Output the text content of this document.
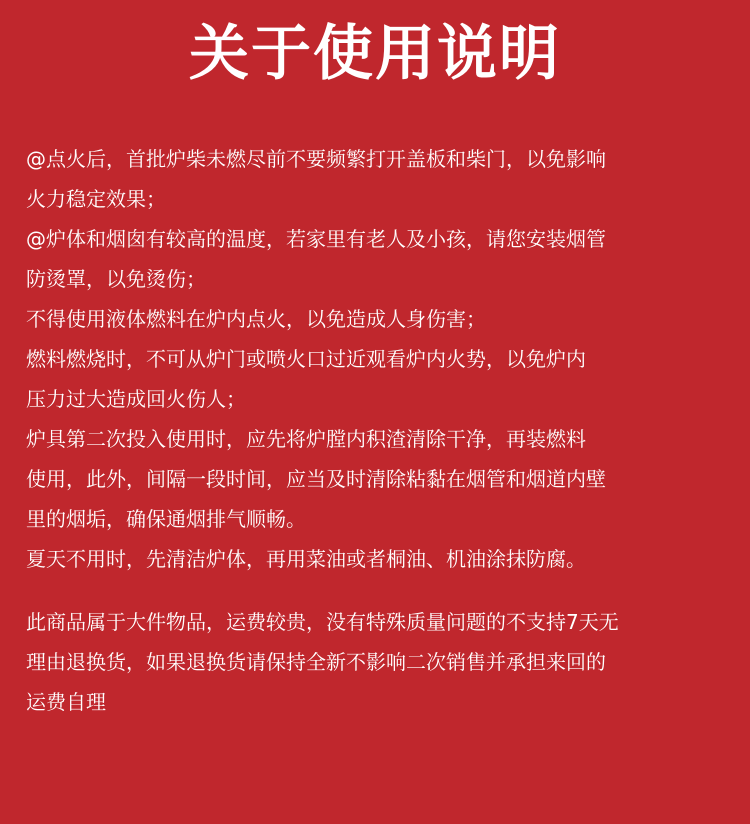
关于使用说明
@点火后，首批炉柴未燃尽前不要频繁打开盖板和柴门，以免影响
火力稳定效果；
@炉体和烟囱有较高的温度，若家里有老人及小孩，请您安装烟管
防烫罩，以免烫伤；
不得使用液体燃料在炉内点火，以免造成人身伤害；
燃料燃烧时，不可从炉门或喷火口过近观看炉内火势，以免炉内
压力过大造成回火伤人；
炉具第二次投入使用时，应先将炉膛内积渣清除干净，再装燃料
使用，此外，间隔一段时间，应当及时清除粘黏在烟管和烟道内壁
里的烟垢，确保通烟排气顺畅。
夏天不用时，先清洁炉体，再用菜油或者桐油、机油涂抹防腐。
此商品属于大件物品，运费较贵，没有特殊质量问题的不支持7天无
理由退换货，如果退换货请保持全新不影响二次销售并承担来回的
运费自理
